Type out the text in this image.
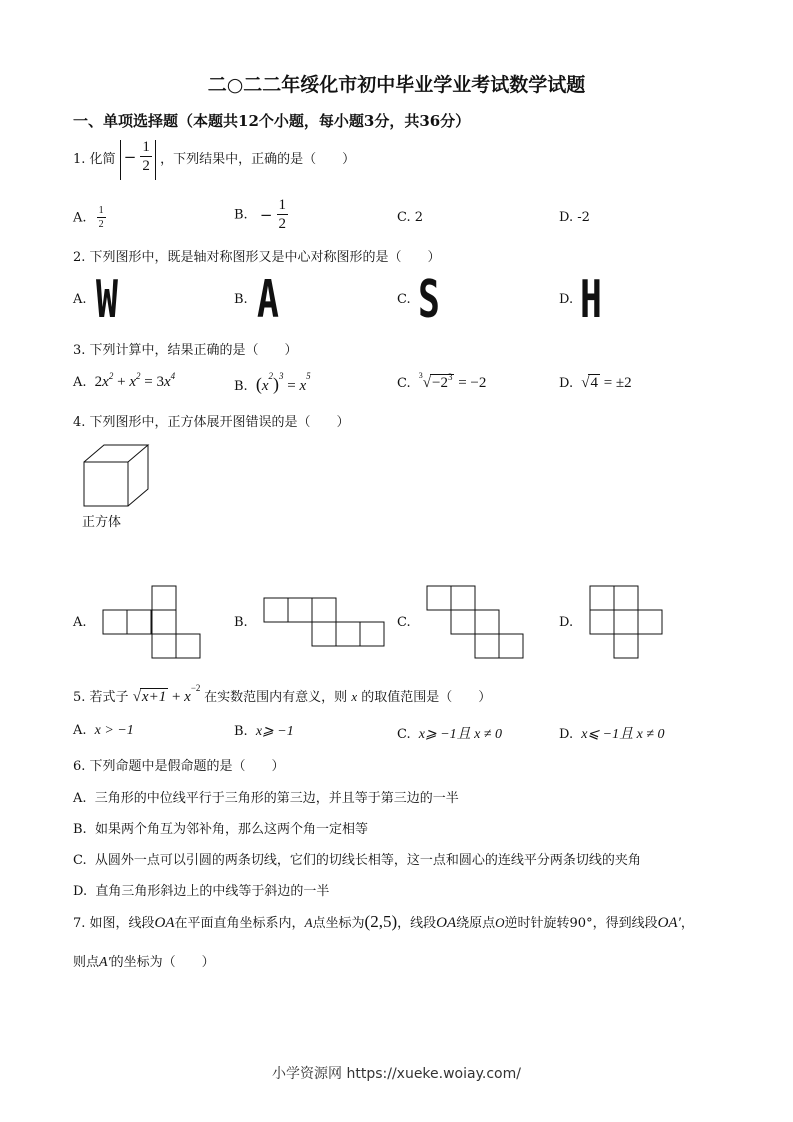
二○二二年绥化市初中毕业学业考试数学试题
一、单项选择题（本题共12个小题，每小题3分，共36分）
1. 化简 − $\frac{1}{2}$ ，下列结果中，正确的是（　　）
A. $\frac{1}{2}$	B. − $\frac{1}{2}$	C. 2	D. -2
2. 下列图形中，既是轴对称图形又是中心对称图形的是（　　）
A. W	B. A	C. S	D. H
3. 下列计算中，结果正确的是（　　）
A. $2x^2 + x^2 = 3x^4$
B. $(x^2)^3 = x^5$	C. $^3√-2^3 = -2$	D. √4 = ±2
4. 下列图形中，正方体展开图错误的是（　　）
正方体
A.	B.	C.	D.
5. 若式子 $√x+1 + x^{-2}$ 在实数范围内有意义，则 x 的取值范围是（　　）
A. x > −1	B. x⩾ −1	C. x⩾ −1且 x ≠ 0	D. x⩽ −1且 x ≠ 0
6. 下列命题中是假命题的是（　　）
A. 三角形的中位线平行于三角形的第三边，并且等于第三边的一半
B. 如果两个角互为邻补角，那么这两个角一定相等
C. 从圆外一点可以引圆的两条切线，它们的切线长相等，这一点和圆心的连线平分两条切线的夹角
D. 直角三角形斜边上的中线等于斜边的一半
7. 如图，线段OA在平面直角坐标系内，A点坐标为(2,5)，线段OA绕原点O逆时针旋转90°，得到线段OA′，
则点A′的坐标为（　　）
小学资源网 https://xueke.woiay.com/
